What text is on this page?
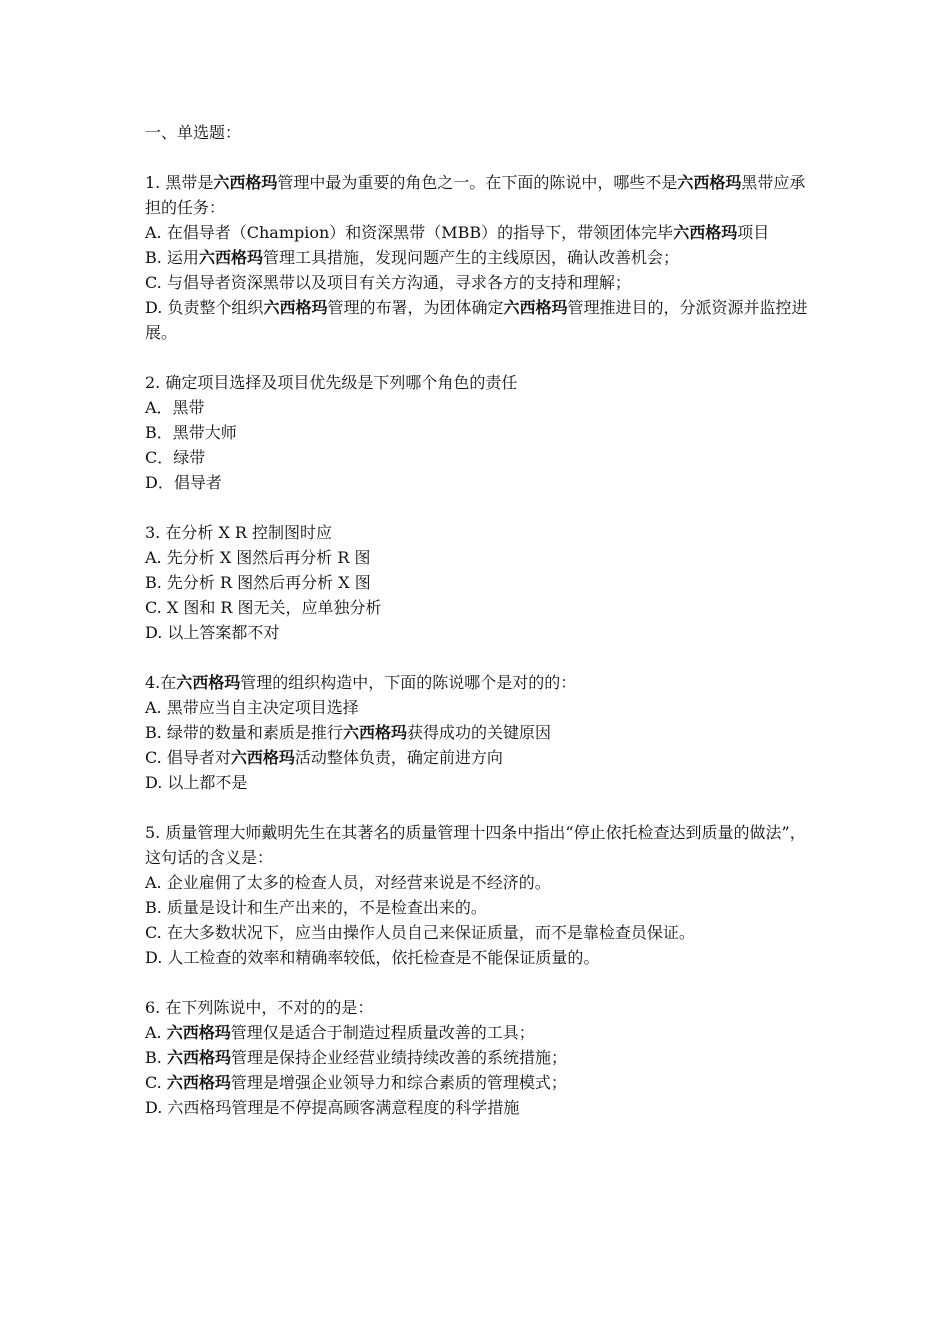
一、单选题：
1. 黑带是六西格玛管理中最为重要的角色之一。在下面的陈说中，哪些不是六西格玛黑带应承担的任务：
A. 在倡导者（Champion）和资深黑带（MBB）的指导下，带领团体完毕六西格玛项目
B. 运用六西格玛管理工具措施，发现问题产生的主线原因，确认改善机会；
C. 与倡导者资深黑带以及项目有关方沟通，寻求各方的支持和理解；
D. 负责整个组织六西格玛管理的布署，为团体确定六西格玛管理推进目的，分派资源并监控进展。
2. 确定项目选择及项目优先级是下列哪个角色的责任
A．黑带
B．黑带大师
C．绿带
D．倡导者
3. 在分析 X R 控制图时应
A. 先分析 X 图然后再分析 R 图
B. 先分析 R 图然后再分析 X 图
C. X 图和 R 图无关，应单独分析
D. 以上答案都不对
4.在六西格玛管理的组织构造中，下面的陈说哪个是对的的：
A. 黑带应当自主决定项目选择
B. 绿带的数量和素质是推行六西格玛获得成功的关键原因
C. 倡导者对六西格玛活动整体负责，确定前进方向
D. 以上都不是
5. 质量管理大师戴明先生在其著名的质量管理十四条中指出“停止依托检查达到质量的做法”，这句话的含义是：
A. 企业雇佣了太多的检查人员，对经营来说是不经济的。
B. 质量是设计和生产出来的，不是检查出来的。
C. 在大多数状况下，应当由操作人员自己来保证质量，而不是靠检查员保证。
D. 人工检查的效率和精确率较低，依托检查是不能保证质量的。
6. 在下列陈说中，不对的的是：
A. 六西格玛管理仅是适合于制造过程质量改善的工具；
B. 六西格玛管理是保持企业经营业绩持续改善的系统措施；
C. 六西格玛管理是增强企业领导力和综合素质的管理模式；
D. 六西格玛管理是不停提高顾客满意程度的科学措施
